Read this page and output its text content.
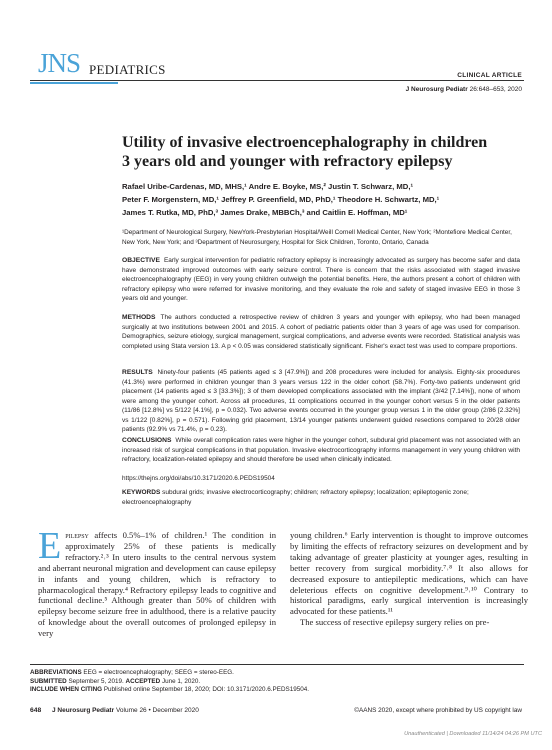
JNS PEDIATRICS	CLINICAL ARTICLE
J Neurosurg Pediatr 26:648–653, 2020
Utility of invasive electroencephalography in children 3 years old and younger with refractory epilepsy
Rafael Uribe-Cardenas, MD, MHS,¹ Andre E. Boyke, MS,² Justin T. Schwarz, MD,¹
Peter F. Morgenstern, MD,¹ Jeffrey P. Greenfield, MD, PhD,¹ Theodore H. Schwartz, MD,¹
James T. Rutka, MD, PhD,³ James Drake, MBBCh,³ and Caitlin E. Hoffman, MD¹
¹Department of Neurological Surgery, NewYork-Presbyterian Hospital/Weill Cornell Medical Center, New York; ²Montefiore Medical Center, New York, New York; and ³Department of Neurosurgery, Hospital for Sick Children, Toronto, Ontario, Canada
OBJECTIVE Early surgical intervention for pediatric refractory epilepsy is increasingly advocated as surgery has become safer and data have demonstrated improved outcomes with early seizure control. There is concern that the risks associated with staged invasive electroencephalography (EEG) in very young children outweigh the potential benefits. Here, the authors present a cohort of children with refractory epilepsy who were referred for invasive monitoring, and they evaluate the role and safety of staged invasive EEG in those 3 years old and younger.
METHODS The authors conducted a retrospective review of children 3 years and younger with epilepsy, who had been managed surgically at two institutions between 2001 and 2015. A cohort of pediatric patients older than 3 years of age was used for comparison. Demographics, seizure etiology, surgical management, surgical complications, and adverse events were recorded. Statistical analysis was completed using Stata version 13. A p < 0.05 was considered statistically significant. Fisher's exact test was used to compare proportions.
RESULTS Ninety-four patients (45 patients aged ≤ 3 [47.9%]) and 208 procedures were included for analysis. Eighty-six procedures (41.3%) were performed in children younger than 3 years versus 122 in the older cohort (58.7%). Forty-two patients underwent grid placement (14 patients aged ≤ 3 [33.3%]); 3 of them developed complications associated with the implant (3/42 [7.14%]), none of whom were among the younger cohort. Across all procedures, 11 complications occurred in the younger cohort versus 5 in the older patients (11/86 [12.8%] vs 5/122 [4.1%], p = 0.032). Two adverse events occurred in the younger group versus 1 in the older group (2/86 [2.32%] vs 1/122 [0.82%], p = 0.571). Following grid placement, 13/14 younger patients underwent guided resections compared to 20/28 older patients (92.9% vs 71.4%, p = 0.23).
CONCLUSIONS While overall complication rates were higher in the younger cohort, subdural grid placement was not associated with an increased risk of surgical complications in that population. Invasive electrocorticography informs management in very young children with refractory, localization-related epilepsy and should therefore be used when clinically indicated.
https://thejns.org/doi/abs/10.3171/2020.6.PEDS19504
KEYWORDS subdural grids; invasive electrocorticography; children; refractory epilepsy; localization; epileptogenic zone; electroencephalography
Epilepsy affects 0.5%–1% of children.¹ The condition in approximately 25% of these patients is medically refractory.²˒³ In utero insults to the central nervous system and aberrant neuronal migration and development can cause epilepsy in infants and young children, which is refractory to pharmacological therapy.⁴ Refractory epilepsy leads to cognitive and functional decline.⁵ Although greater than 50% of children with epilepsy become seizure free in adulthood, there is a relative paucity of knowledge about the overall outcomes of prolonged epilepsy in very
young children.⁶ Early intervention is thought to improve outcomes by limiting the effects of refractory seizures on development and by taking advantage of greater plasticity at younger ages, resulting in better recovery from surgical morbidity.⁷˒⁸ It also allows for decreased exposure to antiepileptic medications, which can have deleterious effects on cognitive development.⁹˒¹⁰ Contrary to historical paradigms, early surgical intervention is increasingly advocated for these patients.¹¹
The success of resective epilepsy surgery relies on pre-
ABBREVIATIONS EEG = electroencephalography; SEEG = stereo-EEG.
SUBMITTED September 5, 2019. ACCEPTED June 1, 2020.
INCLUDE WHEN CITING Published online September 18, 2020; DOI: 10.3171/2020.6.PEDS19504.
648 J Neurosurg Pediatr Volume 26 • December 2020	©AANS 2020, except where prohibited by US copyright law
Unauthenticated | Downloaded 11/14/24 04:26 PM UTC
